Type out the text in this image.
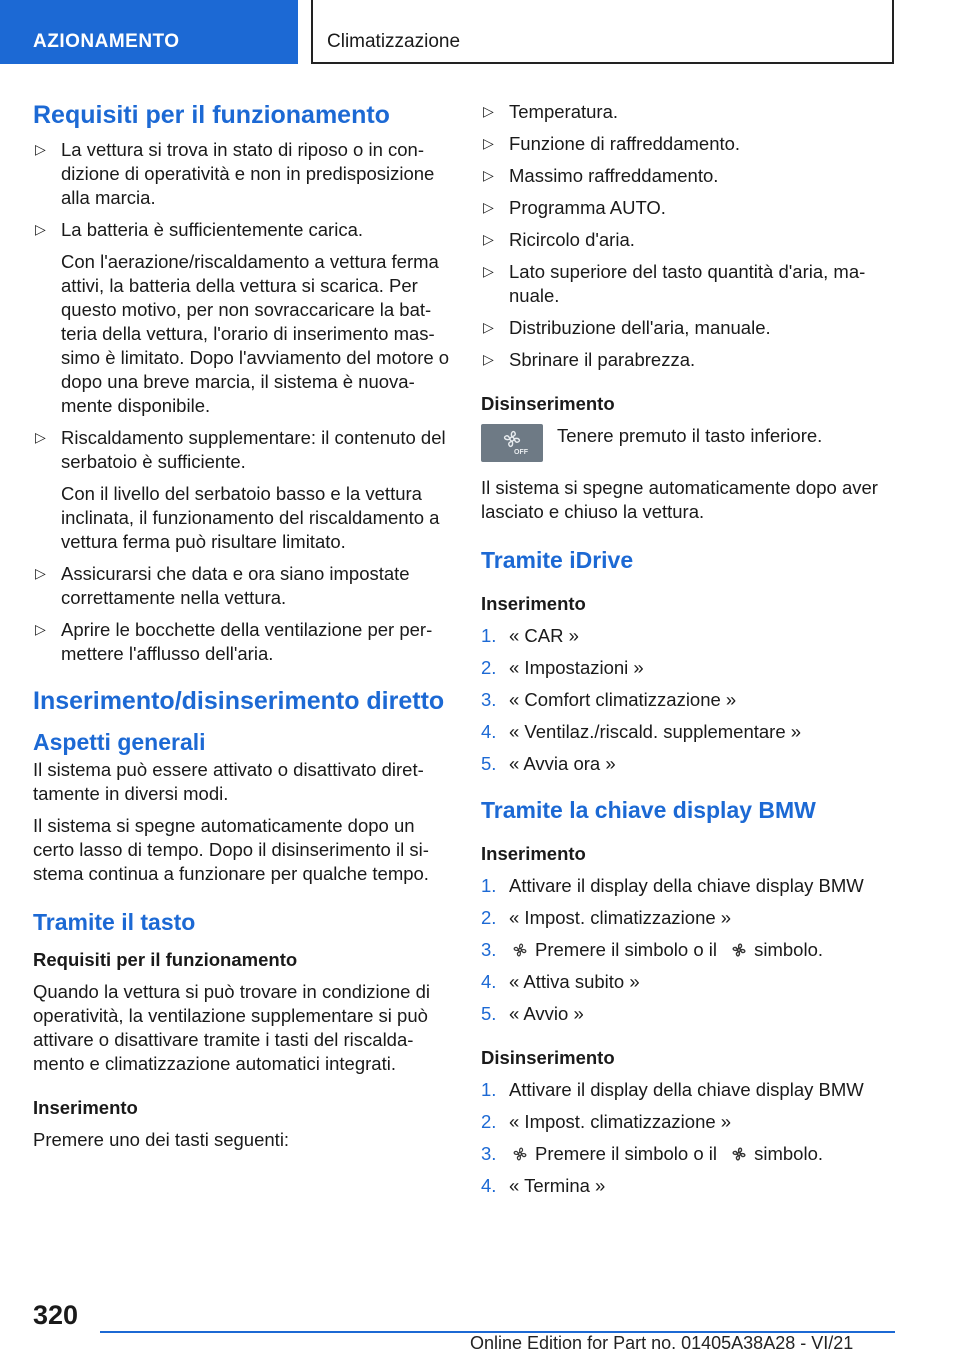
AZIONAMENTO	Climatizzazione
Requisiti per il funzionamento
▷ La vettura si trova in stato di riposo o in condizione di operatività e non in predisposizione alla marcia.
▷ La batteria è sufficientemente carica.

Con l'aerazione/riscaldamento a vettura ferma attivi, la batteria della vettura si scarica. Per questo motivo, per non sovraccaricare la batteria della vettura, l'orario di inserimento massimo è limitato. Dopo l'avviamento del motore o dopo una breve marcia, il sistema è nuovamente disponibile.

▷ Riscaldamento supplementare: il contenuto del serbatoio è sufficiente.

Con il livello del serbatoio basso e la vettura inclinata, il funzionamento del riscaldamento a vettura ferma può risultare limitato.

▷ Assicurarsi che data e ora siano impostate correttamente nella vettura.
▷ Aprire le bocchette della ventilazione per permettere l'afflusso dell'aria.
Inserimento/disinserimento diretto
Aspetti generali

Il sistema può essere attivato o disattivato direttamente in diversi modi.

Il sistema si spegne automaticamente dopo un certo lasso di tempo. Dopo il disinserimento il sistema continua a funzionare per qualche tempo.

Tramite il tasto
Requisiti per il funzionamento

Quando la vettura si può trovare in condizione di operatività, la ventilazione supplementare si può attivare o disattivare tramite i tasti del riscaldamento e climatizzazione automatici integrati.

Inserimento

Premere uno dei tasti seguenti:

▷ Temperatura.
▷ Funzione di raffreddamento.
▷ Massimo raffreddamento.
▷ Programma AUTO.
▷ Ricircolo d'aria.
▷ Lato superiore del tasto quantità d'aria, manuale.
▷ Distribuzione dell'aria, manuale.
▷ Sbrinare il parabrezza.
Disinserimento
OFF
Tenere premuto il tasto inferiore.

Il sistema si spegne automaticamente dopo aver lasciato e chiuso la vettura.

Tramite iDrive
Inserimento
1. « CAR »
2. « Impostazioni »
3. « Comfort climatizzazione »
4. « Ventilaz./riscald. supplementare »
5. « Avvia ora »
Tramite la chiave display BMW
Inserimento
1. Attivare il display della chiave display BMW
2. « Impost. climatizzazione »
3. Premere il simbolo o il simbolo.
4. « Attiva subito »
5. « Avvio »
Disinserimento
1. Attivare il display della chiave display BMW
2. « Impost. climatizzazione »
3. Premere il simbolo o il simbolo.
4. « Termina »
320
Online Edition for Part no. 01405A38A28 - VI/21
